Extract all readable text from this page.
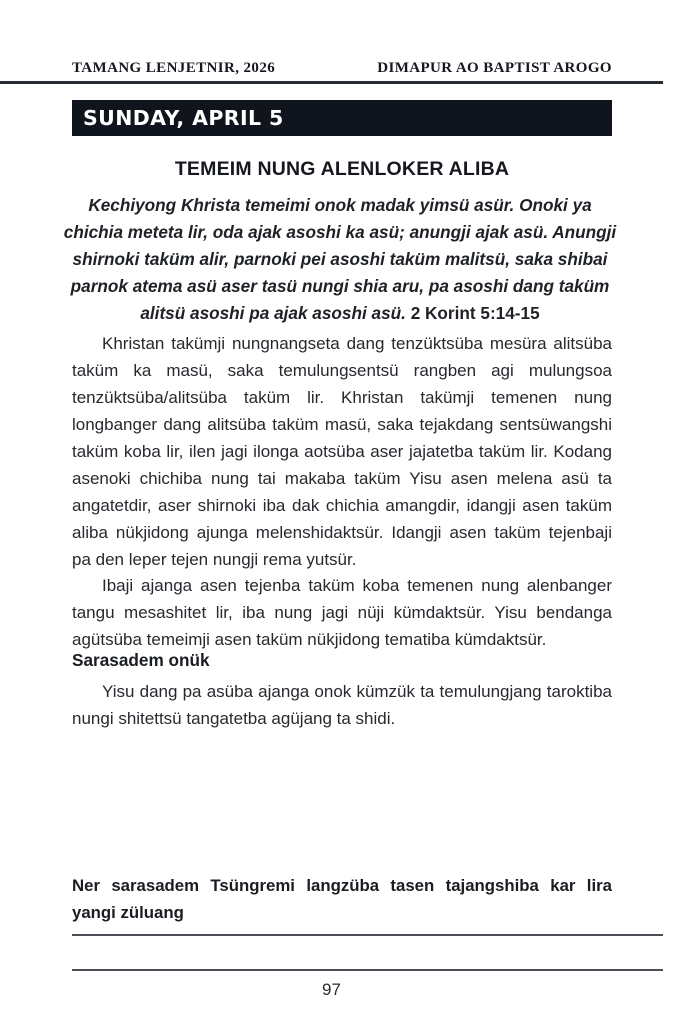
TAMANG LENJETNIR, 2026	DIMAPUR AO BAPTIST AROGO
SUNDAY, APRIL 5
TEMEIM NUNG ALENLOKER ALIBA
Kechiyong Khrista temeimi onok madak yimsü asür. Onoki ya chichia meteta lir, oda ajak asoshi ka asü; anungji ajak asü. Anungji shirnoki taküm alir, parnoki pei asoshi taküm malitsü, saka shibai parnok atema asü aser tasü nungi shia aru, pa asoshi dang taküm alitsü asoshi pa ajak asoshi asü. 2 Korint 5:14-15

Khristan takümji nungnangseta dang tenzüktsüba mesüra alitsüba taküm ka masü, saka temulungsentsü rangben agi mulungsoa tenzüktsüba/alitsüba taküm lir. Khristan takümji temenen nung longbanger dang alitsüba taküm masü, saka tejakdang sentsüwangshi taküm koba lir, ilen jagi ilonga aotsüba aser jajatetba taküm lir. Kodang asenoki chichiba nung tai makaba taküm Yisu asen melena asü ta angatetdir, aser shirnoki iba dak chichia amangdir, idangji asen taküm aliba nükjidong ajunga melenshidaktsür. Idangji asen taküm tejenbaji pa den leper tejen nungji rema yutsür.

Ibaji ajanga asen tejenba taküm koba temenen nung alenbanger tangu mesashitet lir, iba nung jagi nüji kümdaktsür. Yisu bendanga agütsüba temeimji asen taküm nükjidong tematiba kümdaktsür.

Sarasadem onük

Yisu dang pa asüba ajanga onok kümzük ta temulungjang taroktiba nungi shitettsü tangatetba agüjang ta shidi.

Ner sarasadem Tsüngremi langzüba tasen tajangshiba kar lira yangi züluang

97
